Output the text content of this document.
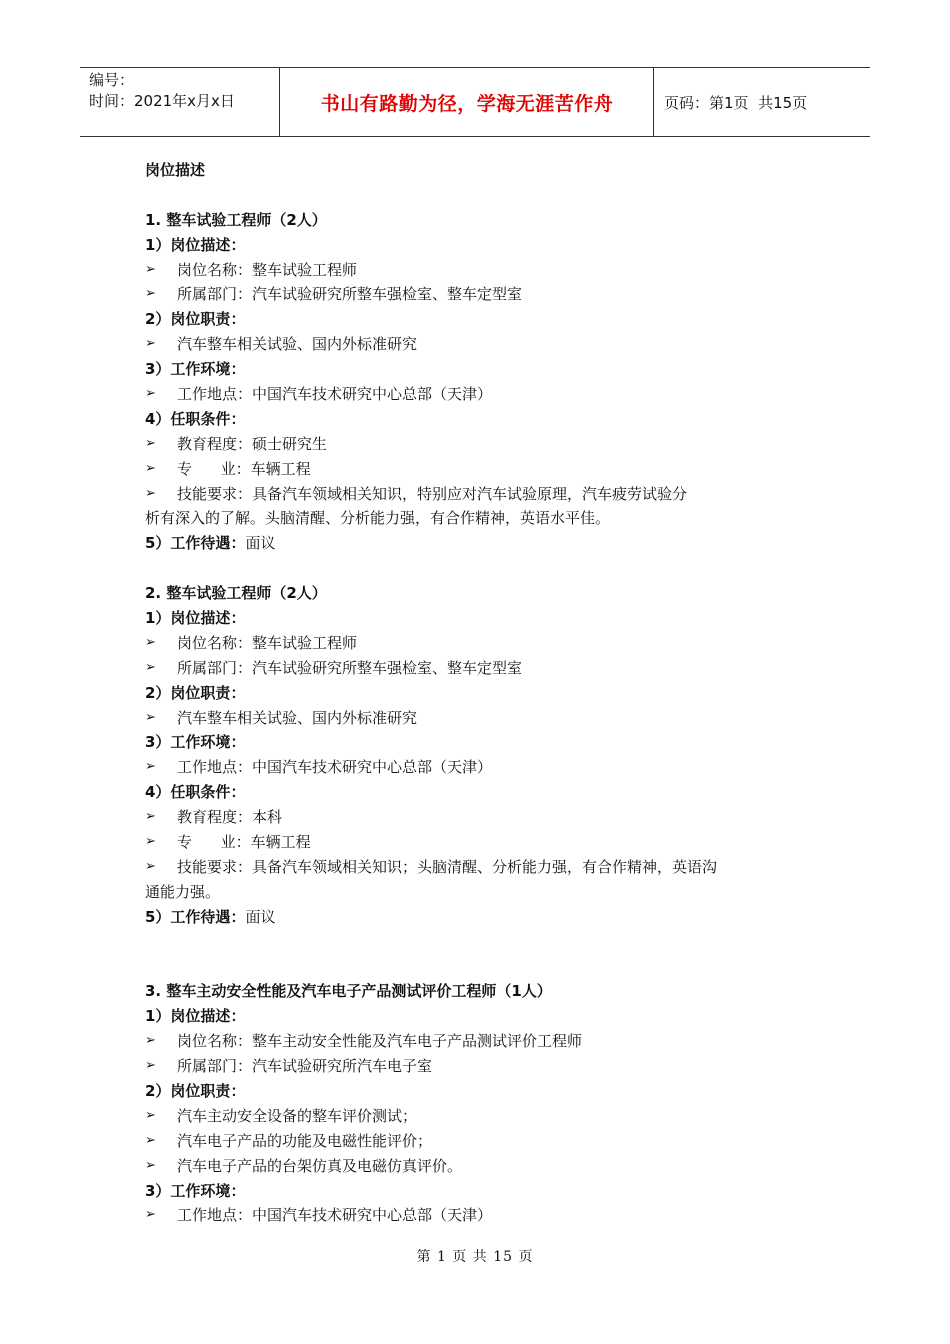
编号：
时间：2021年x月x日	书山有路勤为径，学海无涯苦作舟	页码：第1页  共15页
岗位描述
1. 整车试验工程师（2人）
1）岗位描述：
➢	岗位名称：整车试验工程师
➢	所属部门：汽车试验研究所整车强检室、整车定型室
2）岗位职责：
➢	汽车整车相关试验、国内外标准研究
3）工作环境：
➢	工作地点：中国汽车技术研究中心总部（天津）
4）任职条件：
➢	教育程度：硕士研究生
➢	专      业：车辆工程
➢	技能要求：具备汽车领域相关知识，特别应对汽车试验原理，汽车疲劳试验分
析有深入的了解。头脑清醒、分析能力强，有合作精神，英语水平佳。
5）工作待遇：面议
2. 整车试验工程师（2人）
1）岗位描述：
➢	岗位名称：整车试验工程师
➢	所属部门：汽车试验研究所整车强检室、整车定型室
2）岗位职责：
➢	汽车整车相关试验、国内外标准研究
3）工作环境：
➢	工作地点：中国汽车技术研究中心总部（天津）
4）任职条件：
➢	教育程度：本科
➢	专      业：车辆工程
➢	技能要求：具备汽车领域相关知识；头脑清醒、分析能力强，有合作精神，英语沟
通能力强。
5）工作待遇：面议
3. 整车主动安全性能及汽车电子产品测试评价工程师（1人）
1）岗位描述：
➢	岗位名称：整车主动安全性能及汽车电子产品测试评价工程师
➢	所属部门：汽车试验研究所汽车电子室
2）岗位职责：
➢	汽车主动安全设备的整车评价测试；
➢	汽车电子产品的功能及电磁性能评价；
➢	汽车电子产品的台架仿真及电磁仿真评价。
3）工作环境：
➢	工作地点：中国汽车技术研究中心总部（天津）
第 1 页 共 15 页
